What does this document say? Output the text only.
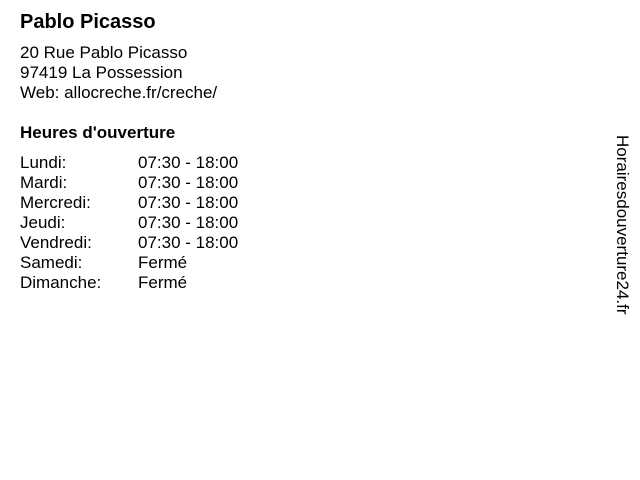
Pablo Picasso
20 Rue Pablo Picasso
97419 La Possession
Web: allocreche.fr/creche/
Heures d'ouverture
Lundi:	07:30 - 18:00
Mardi:	07:30 - 18:00
Mercredi:	07:30 - 18:00
Jeudi:	07:30 - 18:00
Vendredi:	07:30 - 18:00
Samedi:	Fermé
Dimanche:	Fermé	Horairesdouverture24.fr
